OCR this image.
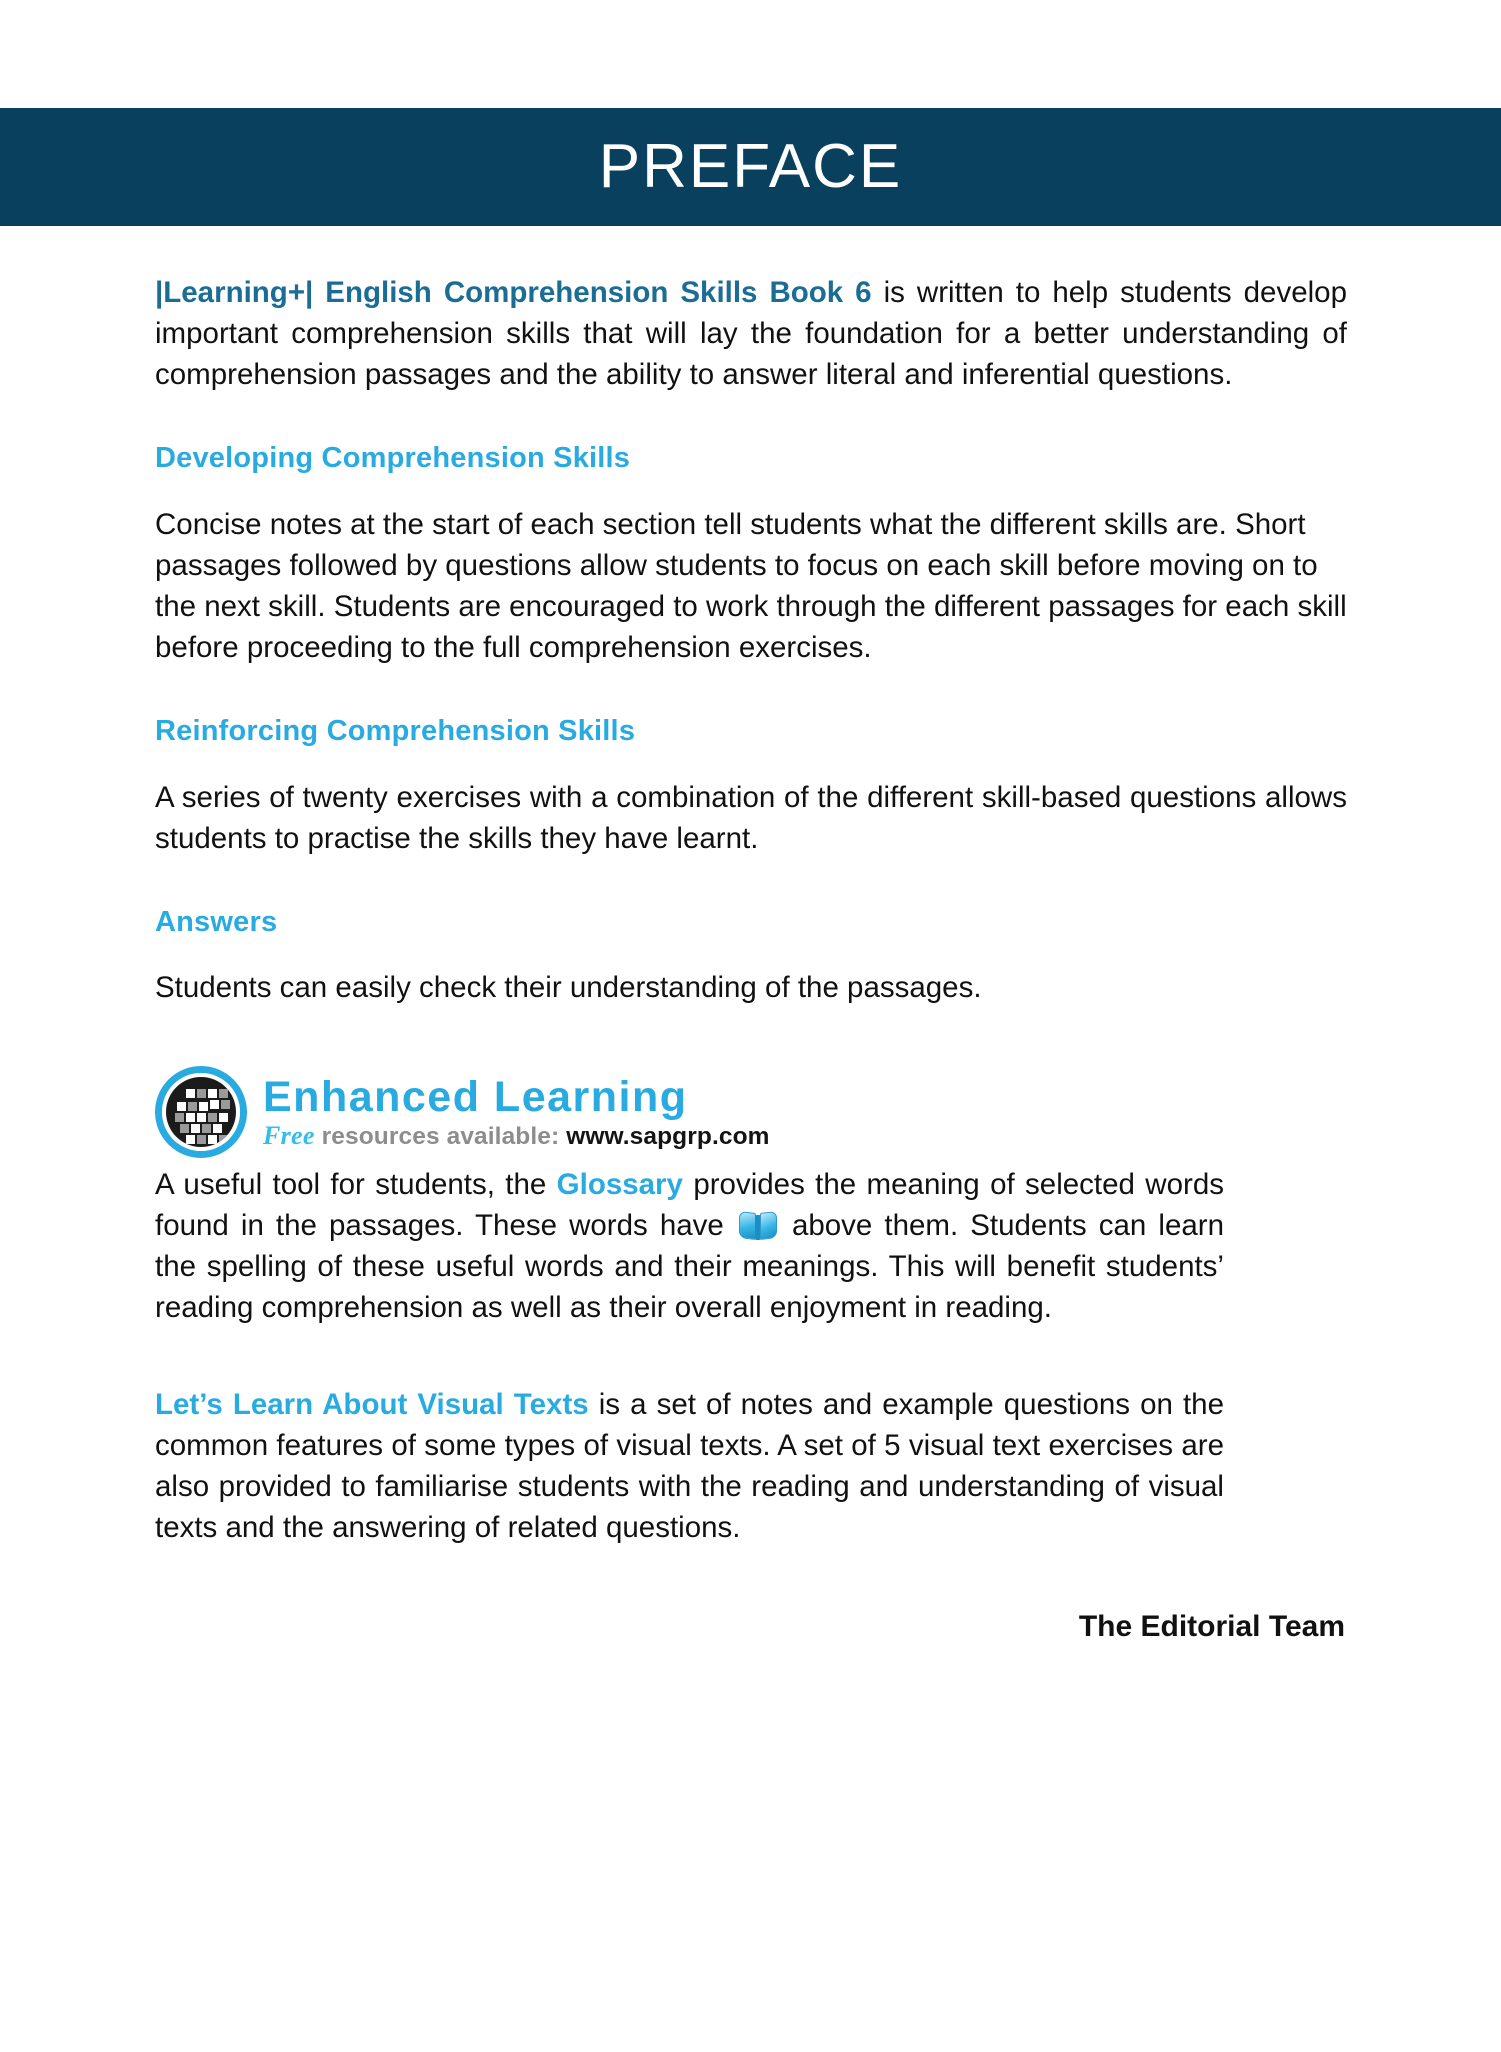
PREFACE

|Learning+| English Comprehension Skills Book 6 is written to help students develop important comprehension skills that will lay the foundation for a better understanding of comprehension passages and the ability to answer literal and inferential questions.

Developing Comprehension Skills

Concise notes at the start of each section tell students what the different skills are. Short passages followed by questions allow students to focus on each skill before moving on to the next skill. Students are encouraged to work through the different passages for each skill before proceeding to the full comprehension exercises.

Reinforcing Comprehension Skills

A series of twenty exercises with a combination of the different skill-based questions allows students to practise the skills they have learnt.

Answers

Students can easily check their understanding of the passages.

Enhanced Learning
Free resources available: www.sapgrp.com

A useful tool for students, the Glossary provides the meaning of selected words found in the passages. These words have
above them. Students can learn the spelling of these useful words and their meanings. This will benefit students’ reading comprehension as well as their overall enjoyment in reading.

Let’s Learn About Visual Texts is a set of notes and example questions on the common features of some types of visual texts. A set of 5 visual text exercises are also provided to familiarise students with the reading and understanding of visual texts and the answering of related questions.

The Editorial Team
